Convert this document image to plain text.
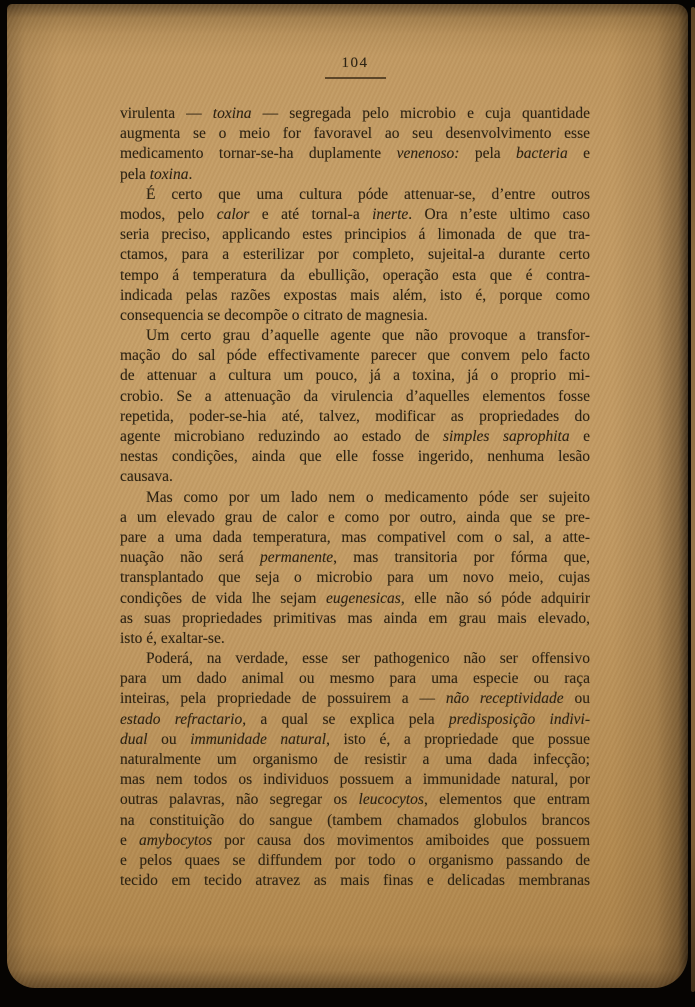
104
virulenta — toxina — segregada pelo microbio e cuja quantidade
augmenta se o meio for favoravel ao seu desenvolvimento esse
medicamento tornar-se-ha duplamente venenoso: pela bacteria e
pela toxina.
É certo que uma cultura póde attenuar-se, d’entre outros
modos, pelo calor e até tornal-a inerte. Ora n’este ultimo caso
seria preciso, applicando estes principios á limonada de que tra-
ctamos, para a esterilizar por completo, sujeital-a durante certo
tempo á temperatura da ebullição, operação esta que é contra-
indicada pelas razões expostas mais além, isto é, porque como
consequencia se decompõe o citrato de magnesia.
Um certo grau d’aquelle agente que não provoque a transfor-
mação do sal póde effectivamente parecer que convem pelo facto
de attenuar a cultura um pouco, já a toxina, já o proprio mi-
crobio. Se a attenuação da virulencia d’aquelles elementos fosse
repetida, poder-se-hia até, talvez, modificar as propriedades do
agente microbiano reduzindo ao estado de simples saprophita e
nestas condições, ainda que elle fosse ingerido, nenhuma lesão
causava.
Mas como por um lado nem o medicamento póde ser sujeito
a um elevado grau de calor e como por outro, ainda que se pre-
pare a uma dada temperatura, mas compativel com o sal, a atte-
nuação não será permanente, mas transitoria por fórma que,
transplantado que seja o microbio para um novo meio, cujas
condições de vida lhe sejam eugenesicas, elle não só póde adquirir
as suas propriedades primitivas mas ainda em grau mais elevado,
isto é, exaltar-se.
Poderá, na verdade, esse ser pathogenico não ser offensivo
para um dado animal ou mesmo para uma especie ou raça
inteiras, pela propriedade de possuirem a — não receptividade ou
estado refractario, a qual se explica pela predisposição indivi-
dual ou immunidade natural, isto é, a propriedade que possue
naturalmente um organismo de resistir a uma dada infecção;
mas nem todos os individuos possuem a immunidade natural, por
outras palavras, não segregar os leucocytos, elementos que entram
na constituição do sangue (tambem chamados globulos brancos
e amybocytos por causa dos movimentos amiboides que possuem
e pelos quaes se diffundem por todo o organismo passando de
tecido em tecido atravez as mais finas e delicadas membranas
